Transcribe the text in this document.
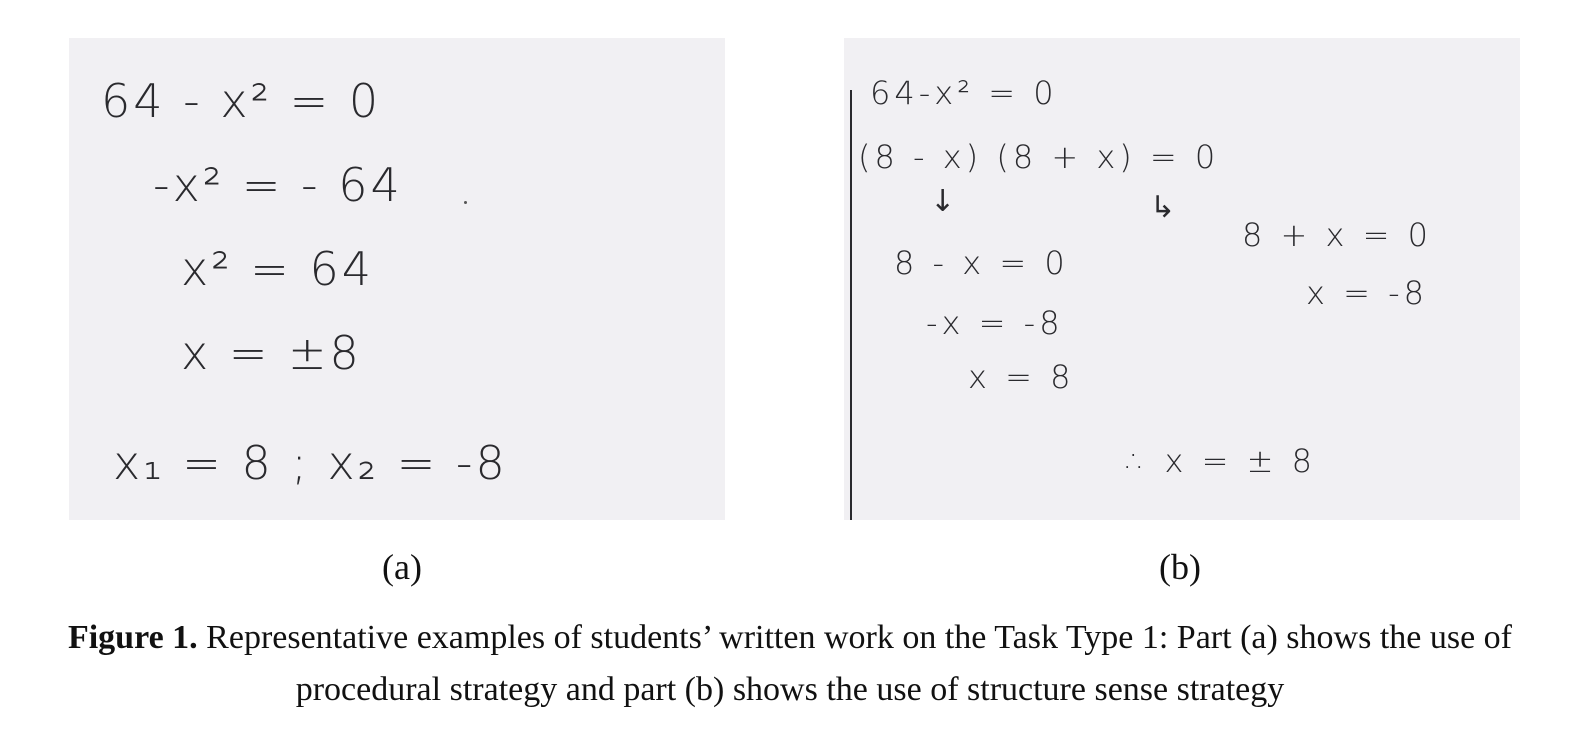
64 - x² = 0
-x² = - 64
x² = 64
x = ±8
x₁ = 8 ; x₂ = -8
64-x² = 0
(8 - x) (8 + x) = 0
↓	↳
8 - x = 0
-x = -8
x = 8
8 + x = 0
x = -8
∴ x = ± 8
(a)	(b)
Figure 1. Representative examples of students’ written work on the Task Type 1: Part (a) shows the use of procedural strategy and part (b) shows the use of structure sense strategy
